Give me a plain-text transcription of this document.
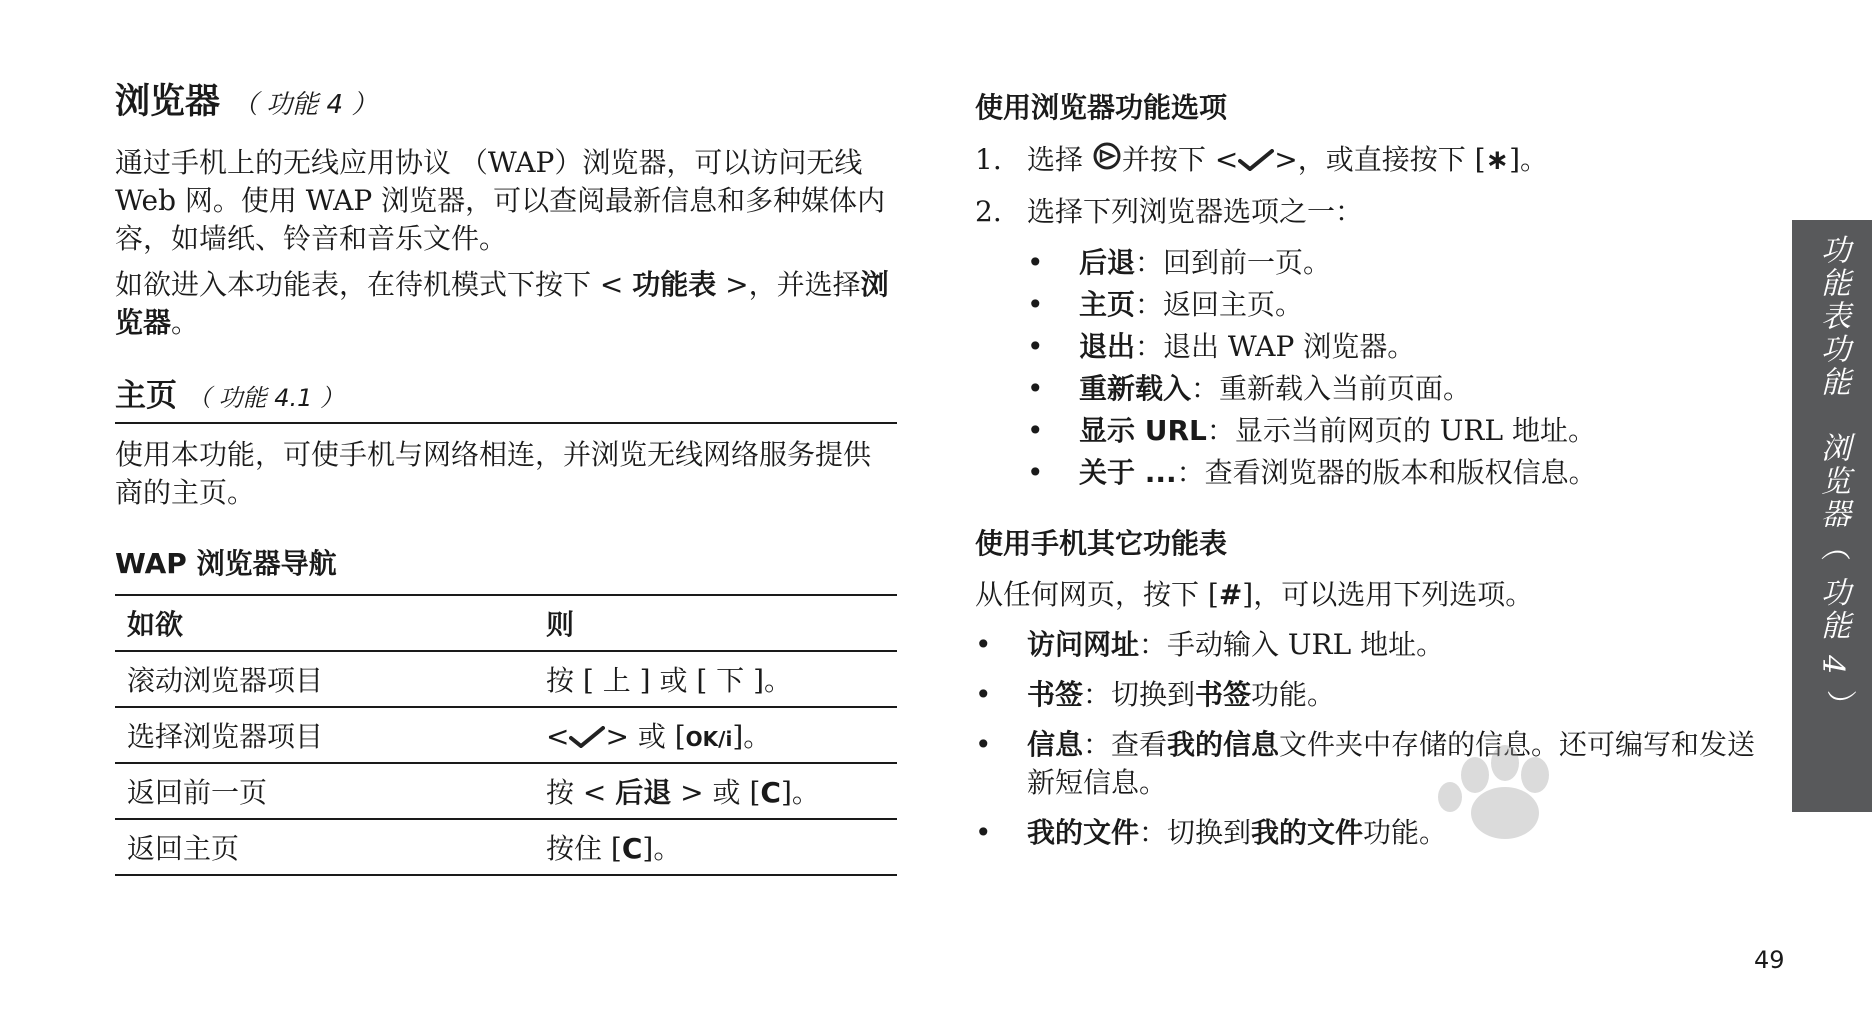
浏览器 （ 功能 4 ）

通过手机上的无线应用协议 （WAP）浏览器，可以访问无线 Web 网。使用 WAP 浏览器，可以查阅最新信息和多种媒体内容，如墙纸、铃音和音乐文件。

如欲进入本功能表，在待机模式下按下 < 功能表 >，并选择浏览器。

主页 （ 功能 4.1 ）

使用本功能，可使手机与网络相连，并浏览无线网络服务提供商的主页。

WAP 浏览器导航
如欲	则
滚动浏览器项目	按 [ 上 ] 或 [ 下 ]。
选择浏览器项目	< > 或 [OK/i]。
返回前一页	按 < 后退 > 或 [C]。
返回主页	按住 [C]。
使用浏览器功能选项
1. 选择 并按下 < >，或直接按下 [∗]。
2. 选择下列浏览器选项之一：
•	后退：回到前一页。
•	主页：返回主页。
•	退出：退出 WAP 浏览器。
•	重新载入：重新载入当前页面。
•	显示 URL：显示当前网页的 URL 地址。
•	关于 ...：查看浏览器的版本和版权信息。
使用手机其它功能表

从任何网页，按下 [#]，可以选用下列选项。

•	访问网址：手动输入 URL 地址。
•	书签：切换到书签功能。
•	信息：查看我的信息文件夹中存储的信息。还可编写和发送新短信息。
•	我的文件：切换到我的文件功能。
功能表功能　浏览器（ 功能 4 ）
49
